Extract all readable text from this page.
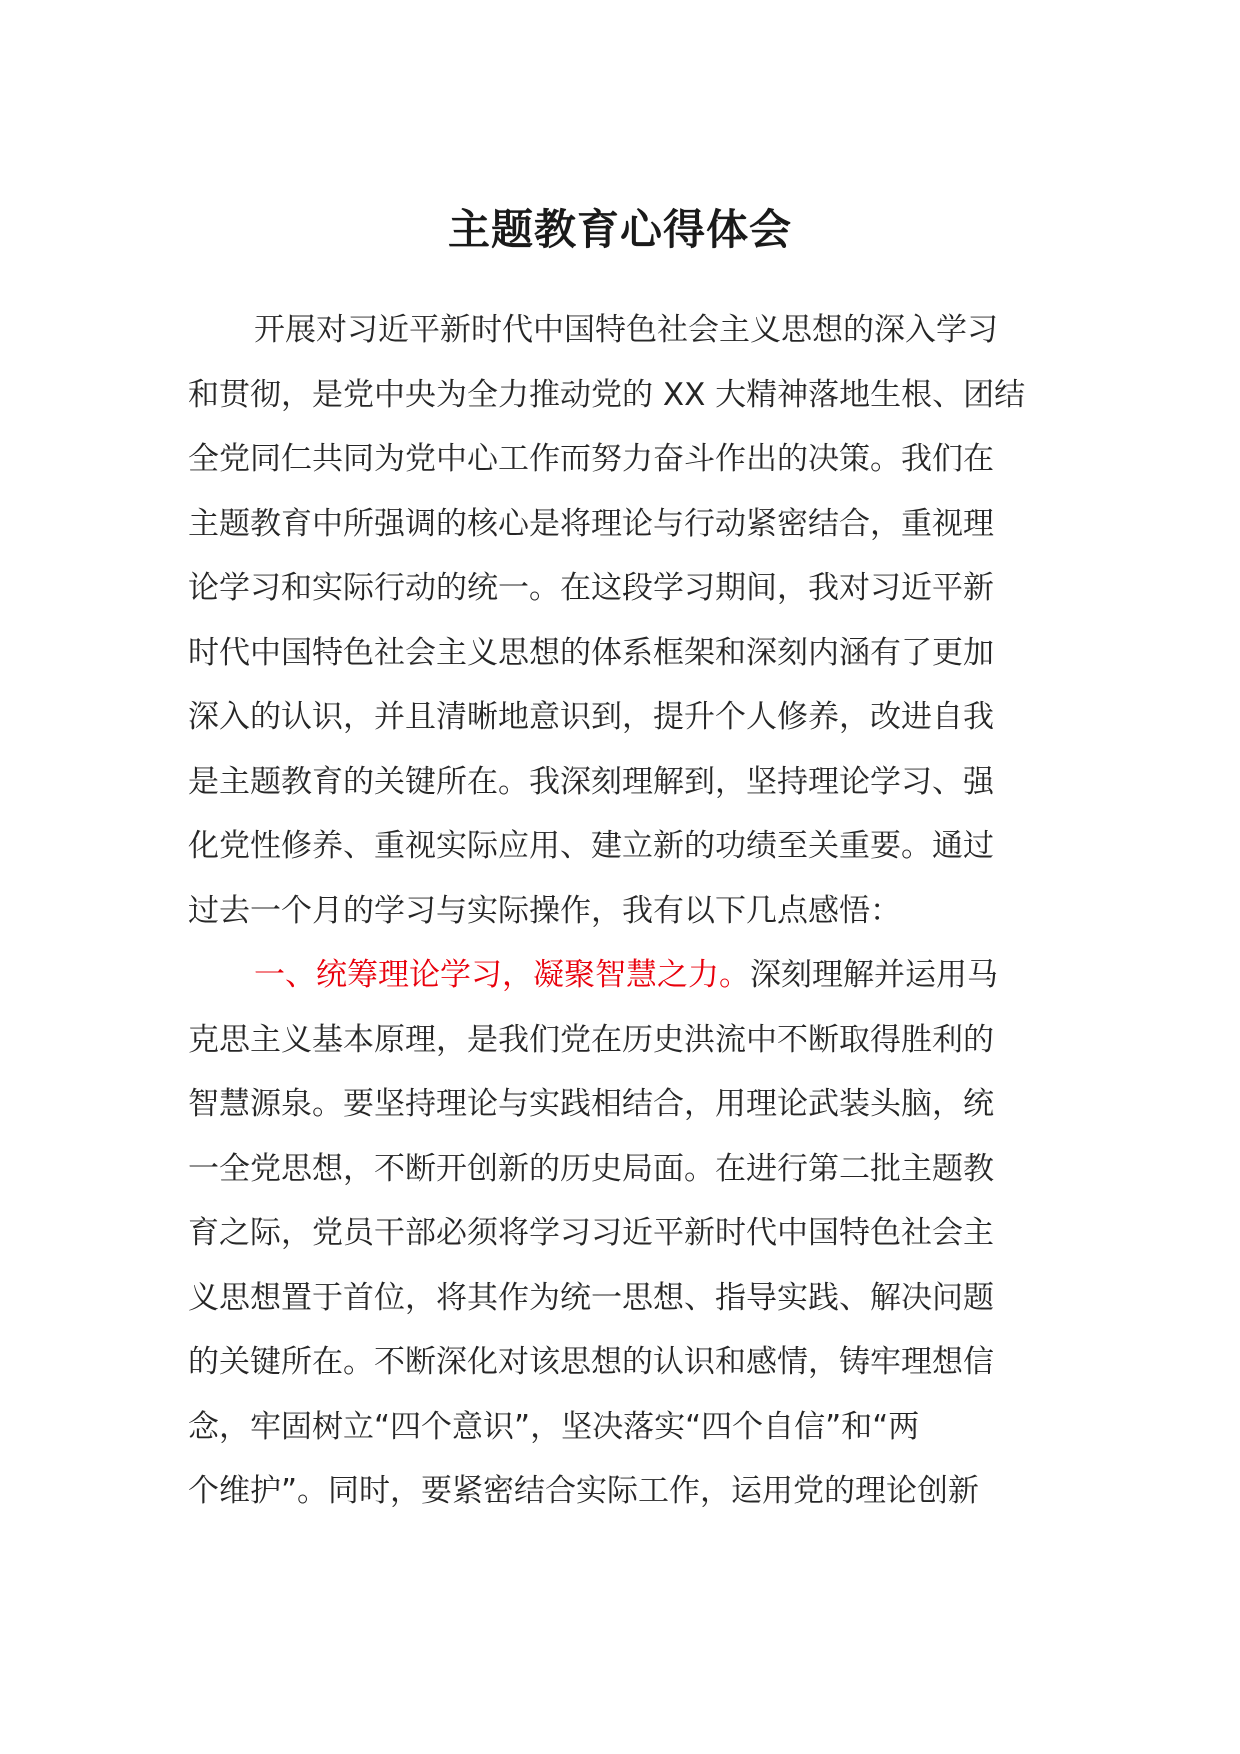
主题教育心得体会
开展对习近平新时代中国特色社会主义思想的深入学习
和贯彻，是党中央为全力推动党的 XX 大精神落地生根、团结
全党同仁共同为党中心工作而努力奋斗作出的决策。我们在
主题教育中所强调的核心是将理论与行动紧密结合，重视理
论学习和实际行动的统一。在这段学习期间，我对习近平新
时代中国特色社会主义思想的体系框架和深刻内涵有了更加
深入的认识，并且清晰地意识到，提升个人修养，改进自我
是主题教育的关键所在。我深刻理解到，坚持理论学习、强
化党性修养、重视实际应用、建立新的功绩至关重要。通过
过去一个月的学习与实际操作，我有以下几点感悟：
一、统筹理论学习，凝聚智慧之力。深刻理解并运用马
克思主义基本原理，是我们党在历史洪流中不断取得胜利的
智慧源泉。要坚持理论与实践相结合，用理论武装头脑，统
一全党思想，不断开创新的历史局面。在进行第二批主题教
育之际，党员干部必须将学习习近平新时代中国特色社会主
义思想置于首位，将其作为统一思想、指导实践、解决问题
的关键所在。不断深化对该思想的认识和感情，铸牢理想信
念，牢固树立“四个意识”，坚决落实“四个自信”和“两
个维护”。同时，要紧密结合实际工作，运用党的理论创新
